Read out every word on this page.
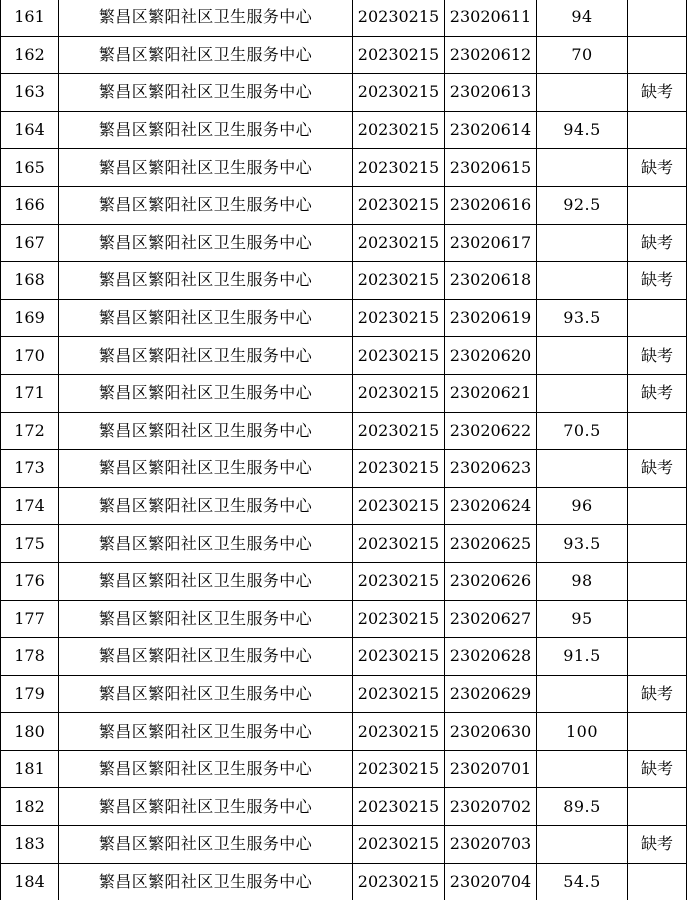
161	繁昌区繁阳社区卫生服务中心	20230215	23020611	94	
162	繁昌区繁阳社区卫生服务中心	20230215	23020612	70	
163	繁昌区繁阳社区卫生服务中心	20230215	23020613		缺考
164	繁昌区繁阳社区卫生服务中心	20230215	23020614	94.5	
165	繁昌区繁阳社区卫生服务中心	20230215	23020615		缺考
166	繁昌区繁阳社区卫生服务中心	20230215	23020616	92.5	
167	繁昌区繁阳社区卫生服务中心	20230215	23020617		缺考
168	繁昌区繁阳社区卫生服务中心	20230215	23020618		缺考
169	繁昌区繁阳社区卫生服务中心	20230215	23020619	93.5	
170	繁昌区繁阳社区卫生服务中心	20230215	23020620		缺考
171	繁昌区繁阳社区卫生服务中心	20230215	23020621		缺考
172	繁昌区繁阳社区卫生服务中心	20230215	23020622	70.5	
173	繁昌区繁阳社区卫生服务中心	20230215	23020623		缺考
174	繁昌区繁阳社区卫生服务中心	20230215	23020624	96	
175	繁昌区繁阳社区卫生服务中心	20230215	23020625	93.5	
176	繁昌区繁阳社区卫生服务中心	20230215	23020626	98	
177	繁昌区繁阳社区卫生服务中心	20230215	23020627	95	
178	繁昌区繁阳社区卫生服务中心	20230215	23020628	91.5	
179	繁昌区繁阳社区卫生服务中心	20230215	23020629		缺考
180	繁昌区繁阳社区卫生服务中心	20230215	23020630	100	
181	繁昌区繁阳社区卫生服务中心	20230215	23020701		缺考
182	繁昌区繁阳社区卫生服务中心	20230215	23020702	89.5	
183	繁昌区繁阳社区卫生服务中心	20230215	23020703		缺考
184	繁昌区繁阳社区卫生服务中心	20230215	23020704	54.5	
